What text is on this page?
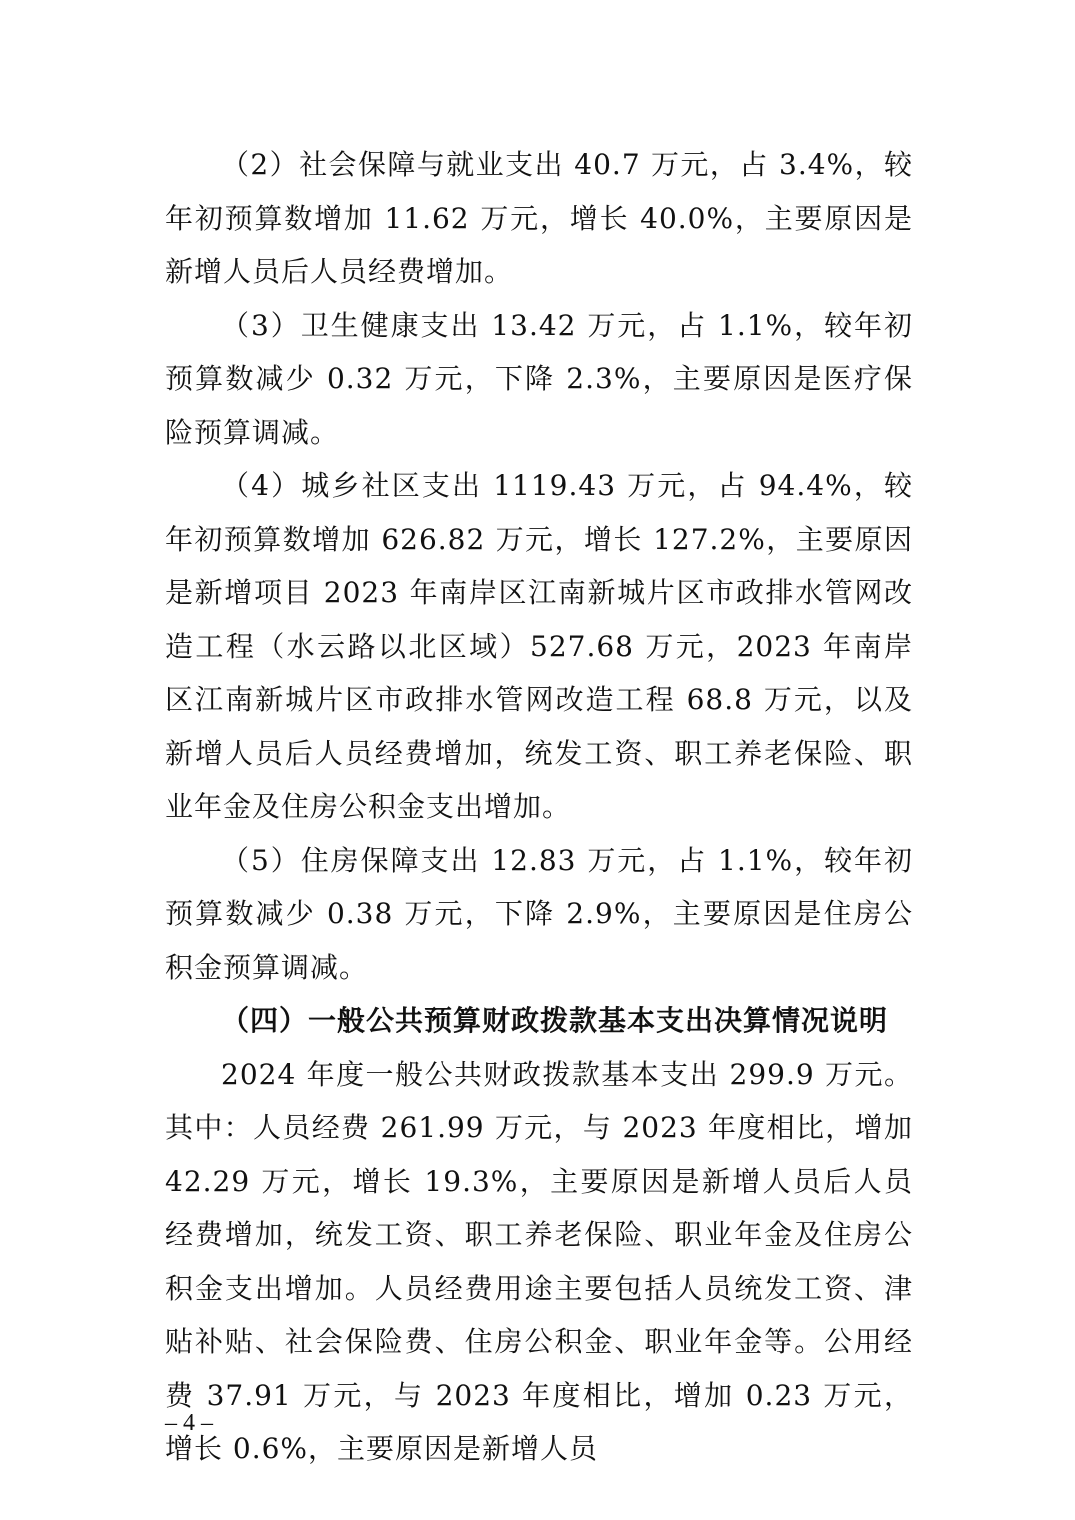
（2）社会保障与就业支出 40.7 万元，占 3.4%，较年初预算数增加 11.62 万元，增长 40.0%，主要原因是新增人员后人员经费增加。

（3）卫生健康支出 13.42 万元，占 1.1%，较年初预算数减少 0.32 万元，下降 2.3%，主要原因是医疗保险预算调减。

（4）城乡社区支出 1119.43 万元，占 94.4%，较年初预算数增加 626.82 万元，增长 127.2%，主要原因是新增项目 2023 年南岸区江南新城片区市政排水管网改造工程（水云路以北区域）527.68 万元，2023 年南岸区江南新城片区市政排水管网改造工程 68.8 万元，以及新增人员后人员经费增加，统发工资、职工养老保险、职业年金及住房公积金支出增加。

（5）住房保障支出 12.83 万元，占 1.1%，较年初预算数减少 0.38 万元，下降 2.9%，主要原因是住房公积金预算调减。

（四）一般公共预算财政拨款基本支出决算情况说明

2024 年度一般公共财政拨款基本支出 299.9 万元。其中：人员经费 261.99 万元，与 2023 年度相比，增加 42.29 万元，增长 19.3%，主要原因是新增人员后人员经费增加，统发工资、职工养老保险、职业年金及住房公积金支出增加。人员经费用途主要包括人员统发工资、津贴补贴、社会保险费、住房公积金、职业年金等。公用经费 37.91 万元，与 2023 年度相比，增加 0.23 万元，增长 0.6%，主要原因是新增人员

– 4 –
